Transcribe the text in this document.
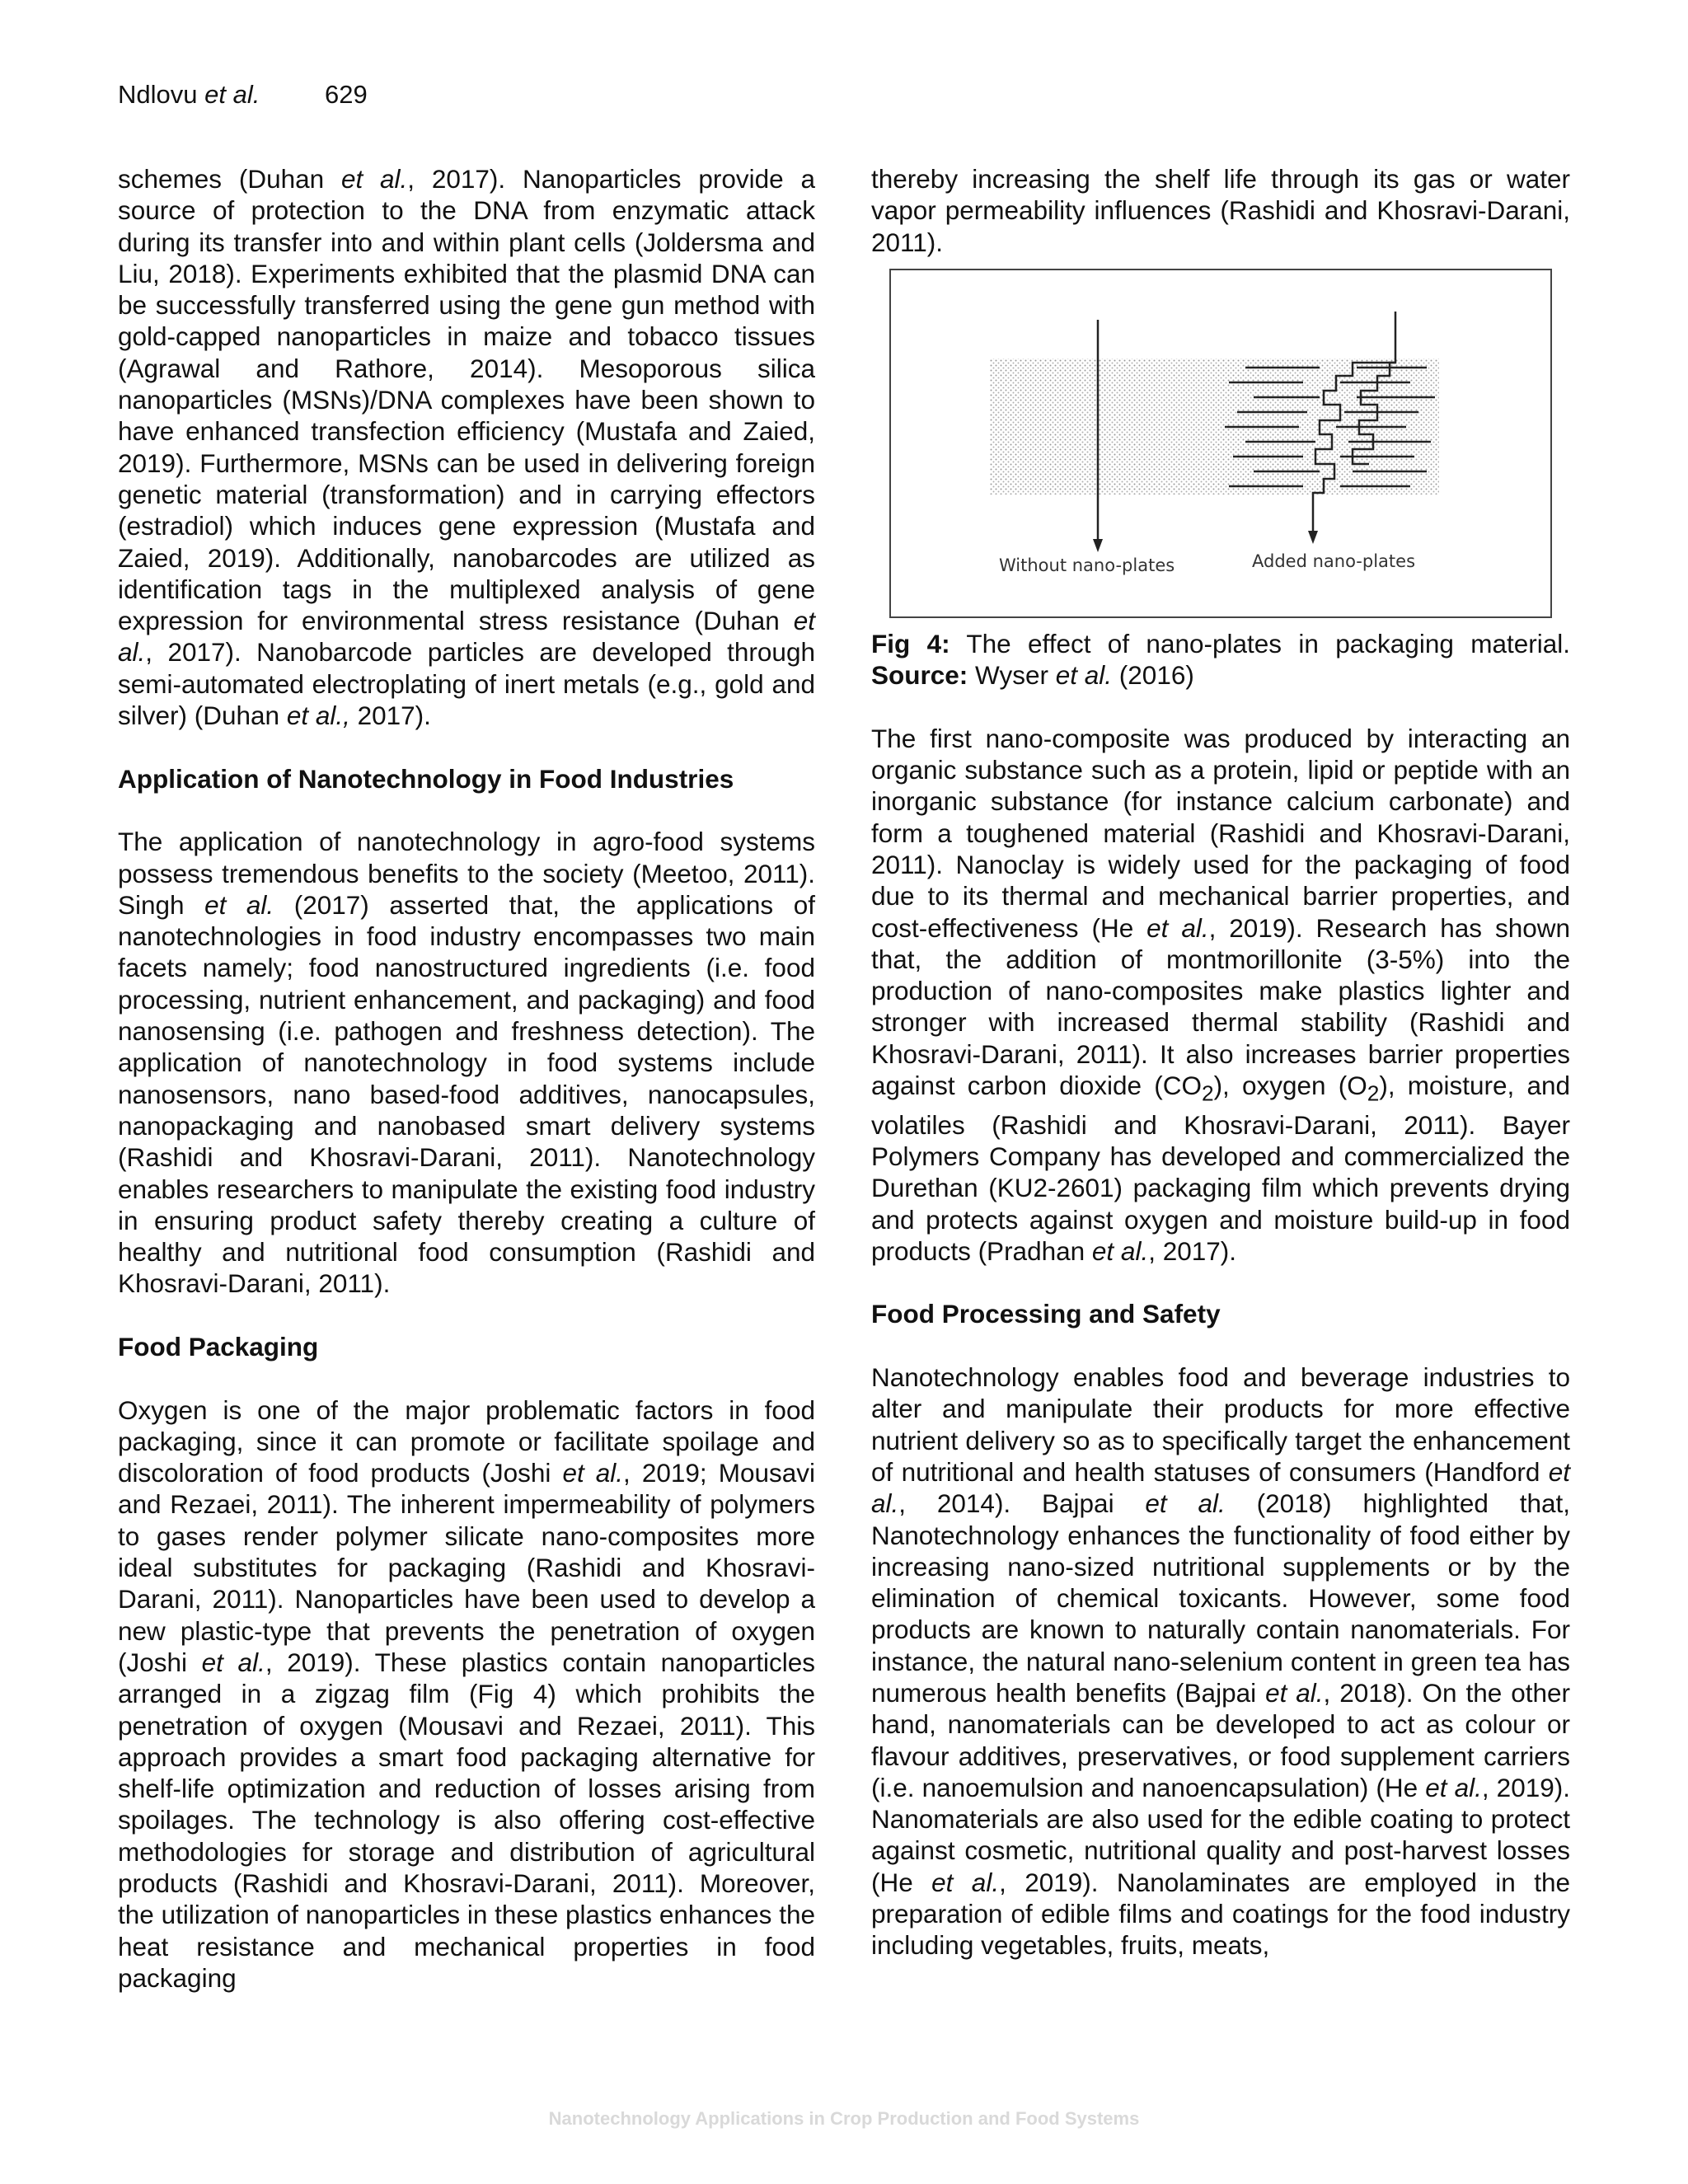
Ndlovu et al.	629

schemes (Duhan et al., 2017). Nanoparticles provide a source of protection to the DNA from enzymatic attack during its transfer into and within plant cells (Joldersma and Liu, 2018). Experiments exhibited that the plasmid DNA can be successfully transferred using the gene gun method with gold-capped nanoparticles in maize and tobacco tissues (Agrawal and Rathore, 2014). Mesoporous silica nanoparticles (MSNs)/DNA complexes have been shown to have enhanced transfection efficiency (Mustafa and Zaied, 2019). Furthermore, MSNs can be used in delivering foreign genetic material (transformation) and in carrying effectors (estradiol) which induces gene expression (Mustafa and Zaied, 2019). Additionally, nanobarcodes are utilized as identification tags in the multiplexed analysis of gene expression for environmental stress resistance (Duhan et al., 2017). Nanobarcode particles are developed through semi-automated electroplating of inert metals (e.g., gold and silver) (Duhan et al., 2017).

Application of Nanotechnology in Food Industries

The application of nanotechnology in agro-food systems possess tremendous benefits to the society (Meetoo, 2011). Singh et al. (2017) asserted that, the applications of nanotechnologies in food industry encompasses two main facets namely; food nanostructured ingredients (i.e. food processing, nutrient enhancement, and packaging) and food nanosensing (i.e. pathogen and freshness detection). The application of nanotechnology in food systems include nanosensors, nano based-food additives, nanocapsules, nanopackaging and nanobased smart delivery systems (Rashidi and Khosravi-Darani, 2011). Nanotechnology enables researchers to manipulate the existing food industry in ensuring product safety thereby creating a culture of healthy and nutritional food consumption (Rashidi and Khosravi-Darani, 2011).

Food Packaging

Oxygen is one of the major problematic factors in food packaging, since it can promote or facilitate spoilage and discoloration of food products (Joshi et al., 2019; Mousavi and Rezaei, 2011). The inherent impermeability of polymers to gases render polymer silicate nano-composites more ideal substitutes for packaging (Rashidi and Khosravi-Darani, 2011). Nanoparticles have been used to develop a new plastic-type that prevents the penetration of oxygen (Joshi et al., 2019). These plastics contain nanoparticles arranged in a zigzag film (Fig 4) which prohibits the penetration of oxygen (Mousavi and Rezaei, 2011). This approach provides a smart food packaging alternative for shelf-life optimization and reduction of losses arising from spoilages. The technology is also offering cost-effective methodologies for storage and distribution of agricultural products (Rashidi and Khosravi-Darani, 2011). Moreover, the utilization of nanoparticles in these plastics enhances the heat resistance and mechanical properties in food packaging

thereby increasing the shelf life through its gas or water vapor permeability influences (Rashidi and Khosravi-Darani, 2011).

Without nano-plates	Added nano-plates

Fig 4: The effect of nano-plates in packaging material. Source: Wyser et al. (2016)

The first nano-composite was produced by interacting an organic substance such as a protein, lipid or peptide with an inorganic substance (for instance calcium carbonate) and form a toughened material (Rashidi and Khosravi-Darani, 2011). Nanoclay is widely used for the packaging of food due to its thermal and mechanical barrier properties, and cost-effectiveness (He et al., 2019). Research has shown that, the addition of montmorillonite (3-5%) into the production of nano-composites make plastics lighter and stronger with increased thermal stability (Rashidi and Khosravi-Darani, 2011). It also increases barrier properties against carbon dioxide $(CO_2)$, oxygen $(O_2)$, moisture, and volatiles (Rashidi and Khosravi-Darani, 2011). Bayer Polymers Company has developed and commercialized the Durethan (KU2-2601) packaging film which prevents drying and protects against oxygen and moisture build-up in food products (Pradhan et al., 2017).

Food Processing and Safety

Nanotechnology enables food and beverage industries to alter and manipulate their products for more effective nutrient delivery so as to specifically target the enhancement of nutritional and health statuses of consumers (Handford et al., 2014). Bajpai et al. (2018) highlighted that, Nanotechnology enhances the functionality of food either by increasing nano-sized nutritional supplements or by the elimination of chemical toxicants. However, some food products are known to naturally contain nanomaterials. For instance, the natural nano-selenium content in green tea has numerous health benefits (Bajpai et al., 2018). On the other hand, nanomaterials can be developed to act as colour or flavour additives, preservatives, or food supplement carriers (i.e. nanoemulsion and nanoencapsulation) (He et al., 2019). Nanomaterials are also used for the edible coating to protect against cosmetic, nutritional quality and post-harvest losses (He et al., 2019). Nanolaminates are employed in the preparation of edible films and coatings for the food industry including vegetables, fruits, meats,

Nanotechnology Applications in Crop Production and Food Systems
